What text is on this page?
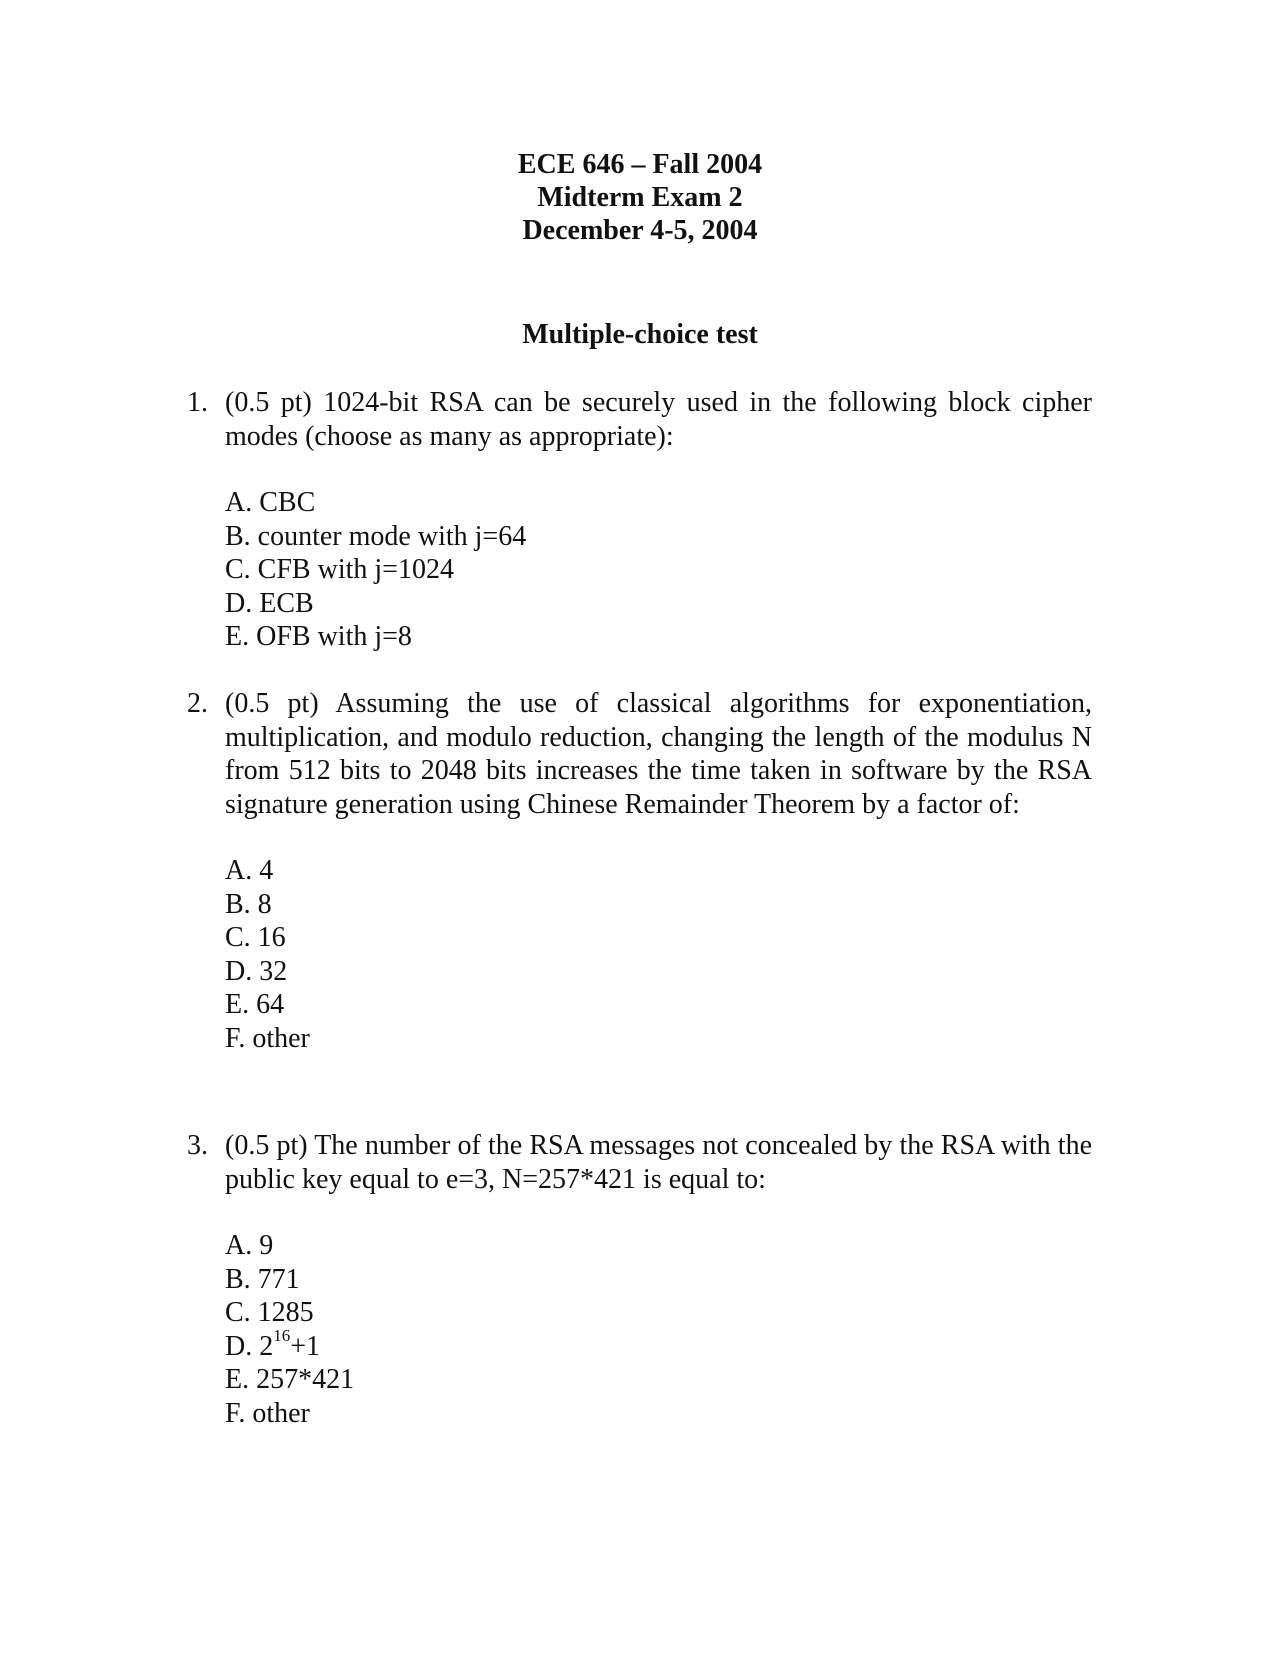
ECE 646 – Fall 2004
Midterm Exam 2
December 4-5, 2004
Multiple-choice test
1. (0.5 pt) 1024-bit RSA can be securely used in the following block cipher modes (choose as many as appropriate):
A. CBC
B. counter mode with j=64
C. CFB with j=1024
D. ECB
E. OFB with j=8
2. (0.5 pt) Assuming the use of classical algorithms for exponentiation, multiplication, and modulo reduction, changing the length of the modulus N from 512 bits to 2048 bits increases the time taken in software by the RSA signature generation using Chinese Remainder Theorem by a factor of:
A. 4
B. 8
C. 16
D. 32
E. 64
F. other
3. (0.5 pt) The number of the RSA messages not concealed by the RSA with the public key equal to e=3, N=257*421 is equal to:
A. 9
B. 771
C. 1285
D. $2^{16}+1$
E. 257*421
F. other
